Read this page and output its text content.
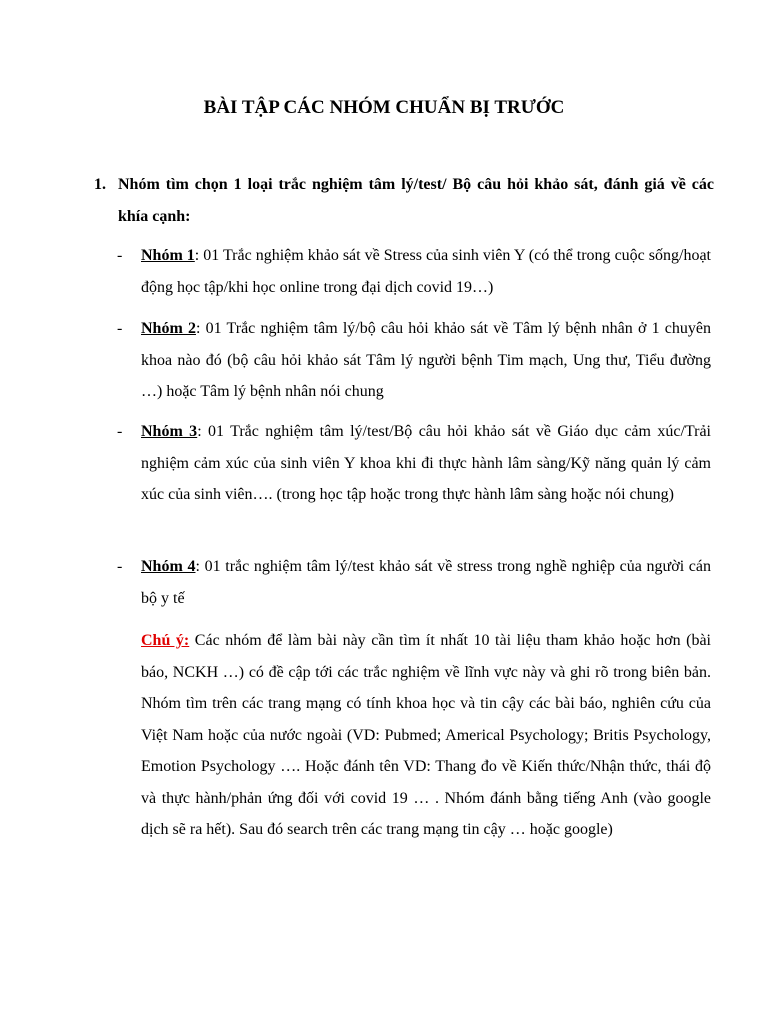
BÀI TẬP CÁC NHÓM CHUẨN BỊ TRƯỚC
1. Nhóm tìm chọn 1 loại trắc nghiệm tâm lý/test/ Bộ câu hỏi khảo sát, đánh giá về các khía cạnh:
- Nhóm 1: 01 Trắc nghiệm khảo sát về Stress của sinh viên Y (có thể trong cuộc sống/hoạt động học tập/khi học online trong đại dịch covid 19…)
- Nhóm 2: 01 Trắc nghiệm tâm lý/bộ câu hỏi khảo sát về Tâm lý bệnh nhân ở 1 chuyên khoa nào đó (bộ câu hỏi khảo sát Tâm lý người bệnh Tim mạch, Ung thư, Tiểu đường …) hoặc Tâm lý bệnh nhân nói chung
- Nhóm 3: 01 Trắc nghiệm tâm lý/test/Bộ câu hỏi khảo sát về Giáo dục cảm xúc/Trải nghiệm cảm xúc của sinh viên Y khoa khi đi thực hành lâm sàng/Kỹ năng quản lý cảm xúc của sinh viên…. (trong học tập hoặc trong thực hành lâm sàng hoặc nói chung)
- Nhóm 4: 01 trắc nghiệm tâm lý/test khảo sát về stress trong nghề nghiệp của người cán bộ y tế
Chú ý: Các nhóm để làm bài này cần tìm ít nhất 10 tài liệu tham khảo hoặc hơn (bài báo, NCKH …) có đề cập tới các trắc nghiệm về lĩnh vực này và ghi rõ trong biên bản. Nhóm tìm trên các trang mạng có tính khoa học và tin cậy các bài báo, nghiên cứu của Việt Nam hoặc của nước ngoài (VD: Pubmed; Americal Psychology; Britis Psychology, Emotion Psychology …. Hoặc đánh tên VD: Thang đo về Kiến thức/Nhận thức, thái độ và thực hành/phản ứng đối với covid 19 … . Nhóm đánh bằng tiếng Anh (vào google dịch sẽ ra hết). Sau đó search trên các trang mạng tin cậy … hoặc google)
